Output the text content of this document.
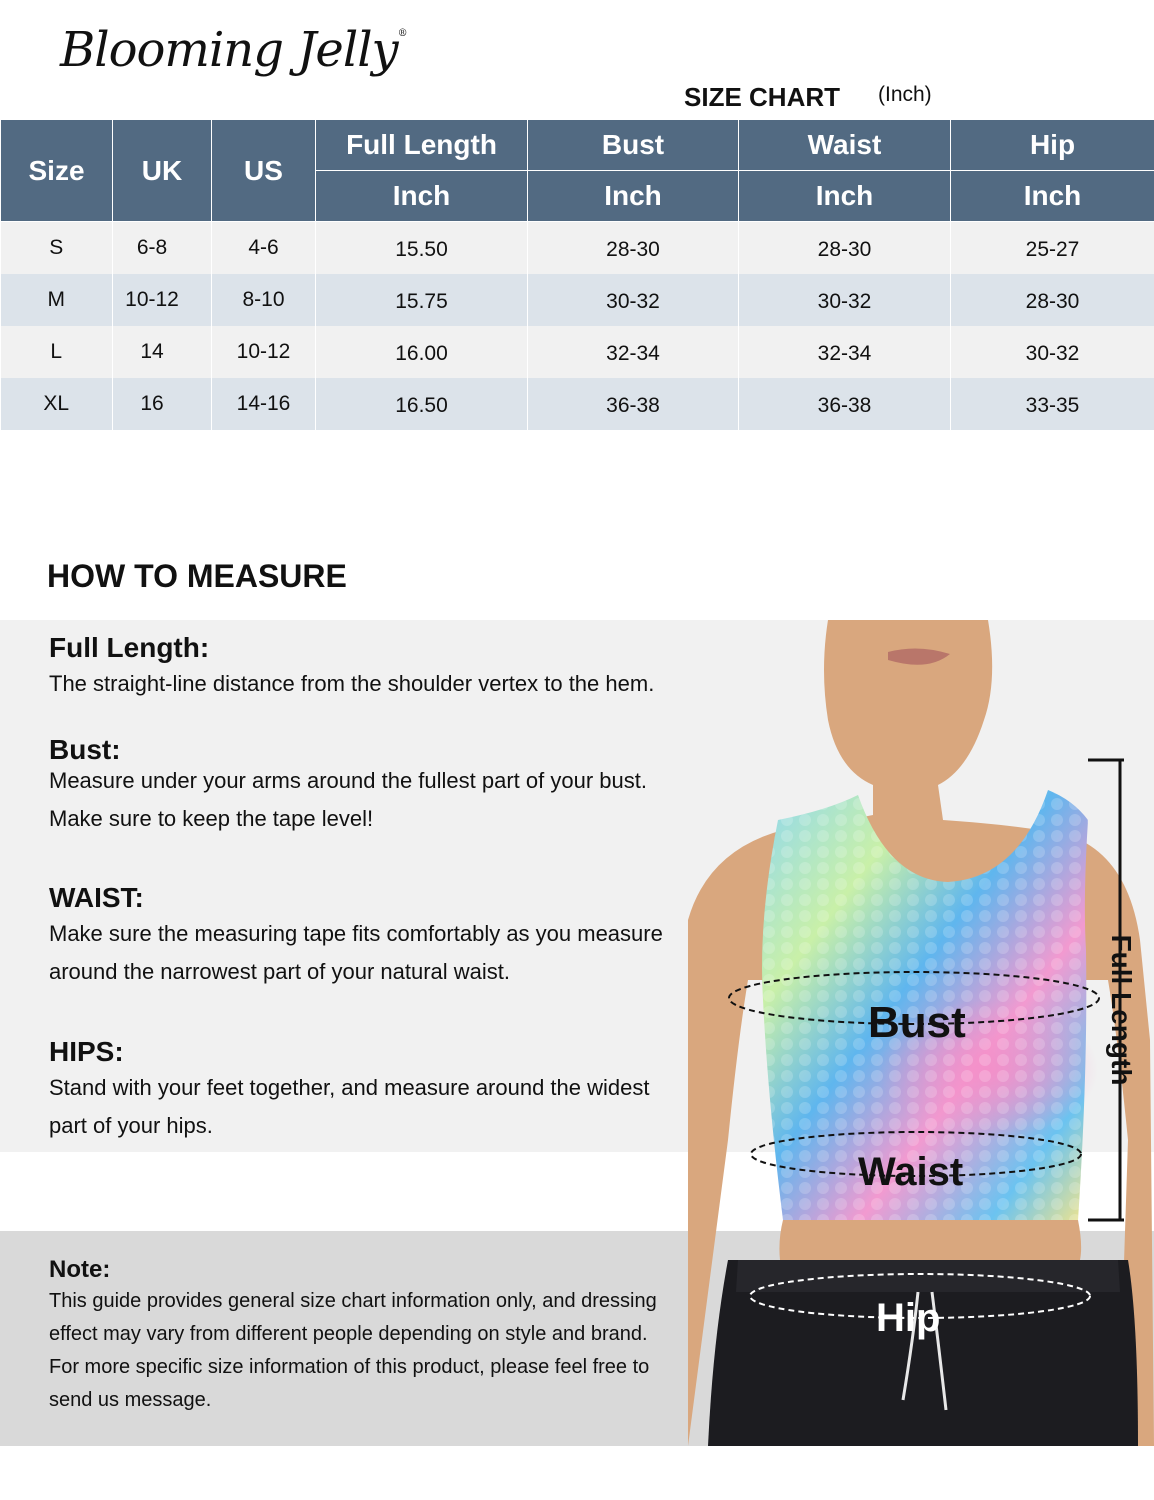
Blooming Jelly®
SIZE CHART (Inch)
Size	UK	US	Full Length	Bust	Waist	Hip
			Inch	Inch	Inch	Inch
S	6-8	4-6	15.50	28-30	28-30	25-27
M	10-12	8-10	15.75	30-32	30-32	28-30
L	14	10-12	16.00	32-34	32-34	30-32
XL	16	14-16	16.50	36-38	36-38	33-35
HOW TO MEASURE
Full Length:
The straight-line distance from the shoulder vertex to the hem.
Bust:
Measure under your arms around the fullest part of your bust.
Make sure to keep the tape level!
WAIST:
Make sure the measuring tape fits comfortably as you measure
around the narrowest part of your natural waist.
HIPS:
Stand with your feet together, and measure around the widest
part of your hips.
Note:
This guide provides general size chart information only, and dressing
effect may vary from different people depending on style and brand.
For more specific size information of this product, please feel free to
send us message.
Bust
Waist
Hip
Full Length
